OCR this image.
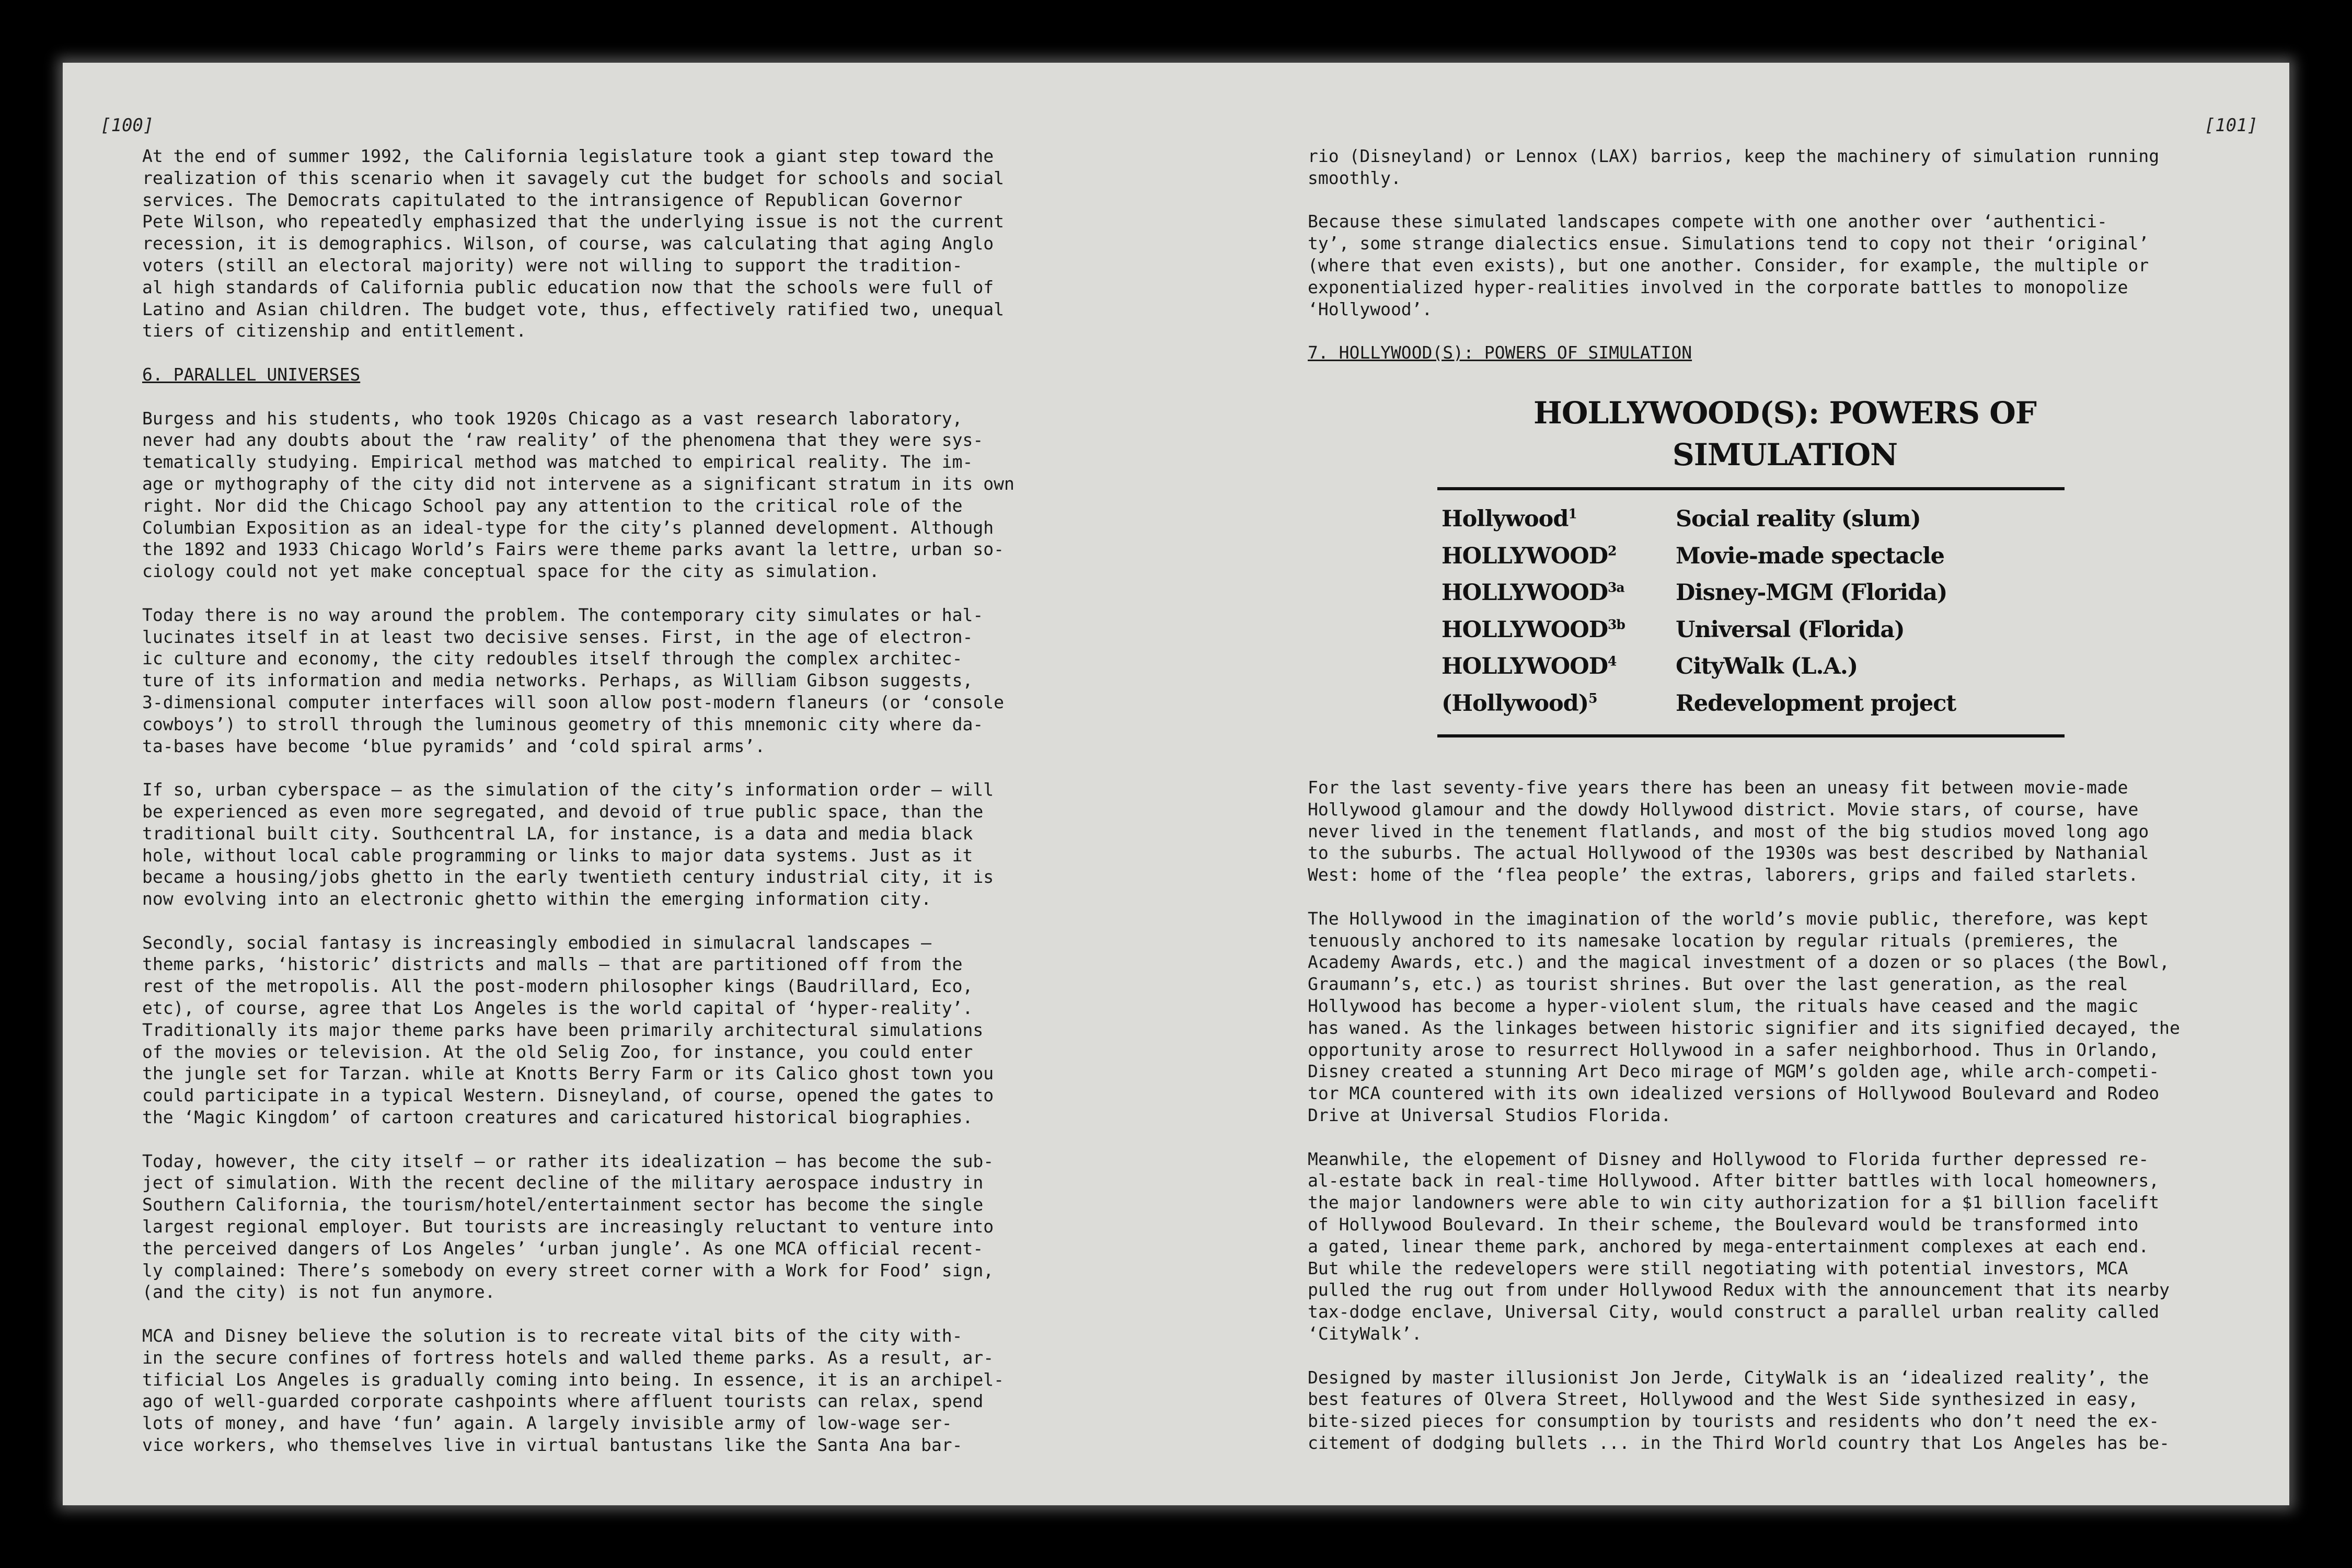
[100]	[101]
At the end of summer 1992, the California legislature took a giant step toward the
realization of this scenario when it savagely cut the budget for schools and social
services. The Democrats capitulated to the intransigence of Republican Governor
Pete Wilson, who repeatedly emphasized that the underlying issue is not the current
recession, it is demographics. Wilson, of course, was calculating that aging Anglo
voters (still an electoral majority) were not willing to support the tradition-
al high standards of California public education now that the schools were full of
Latino and Asian children. The budget vote, thus, effectively ratified two, unequal
tiers of citizenship and entitlement.
6. PARALLEL UNIVERSES
Burgess and his students, who took 1920s Chicago as a vast research laboratory,
never had any doubts about the ‘raw reality’ of the phenomena that they were sys-
tematically studying. Empirical method was matched to empirical reality. The im-
age or mythography of the city did not intervene as a significant stratum in its own
right. Nor did the Chicago School pay any attention to the critical role of the
Columbian Exposition as an ideal-type for the city’s planned development. Although
the 1892 and 1933 Chicago World’s Fairs were theme parks avant la lettre, urban so-
ciology could not yet make conceptual space for the city as simulation.
Today there is no way around the problem. The contemporary city simulates or hal-
lucinates itself in at least two decisive senses. First, in the age of electron-
ic culture and economy, the city redoubles itself through the complex architec-
ture of its information and media networks. Perhaps, as William Gibson suggests,
3-dimensional computer interfaces will soon allow post-modern flaneurs (or ‘console
cowboys’) to stroll through the luminous geometry of this mnemonic city where da-
ta-bases have become ‘blue pyramids’ and ‘cold spiral arms’.
If so, urban cyberspace – as the simulation of the city’s information order – will
be experienced as even more segregated, and devoid of true public space, than the
traditional built city. Southcentral LA, for instance, is a data and media black
hole, without local cable programming or links to major data systems. Just as it
became a housing/jobs ghetto in the early twentieth century industrial city, it is
now evolving into an electronic ghetto within the emerging information city.
Secondly, social fantasy is increasingly embodied in simulacral landscapes –
theme parks, ‘historic’ districts and malls – that are partitioned off from the
rest of the metropolis. All the post-modern philosopher kings (Baudrillard, Eco,
etc), of course, agree that Los Angeles is the world capital of ‘hyper-reality’.
Traditionally its major theme parks have been primarily architectural simulations
of the movies or television. At the old Selig Zoo, for instance, you could enter
the jungle set for Tarzan. while at Knotts Berry Farm or its Calico ghost town you
could participate in a typical Western. Disneyland, of course, opened the gates to
the ‘Magic Kingdom’ of cartoon creatures and caricatured historical biographies.
Today, however, the city itself – or rather its idealization – has become the sub-
ject of simulation. With the recent decline of the military aerospace industry in
Southern California, the tourism/hotel/entertainment sector has become the single
largest regional employer. But tourists are increasingly reluctant to venture into
the perceived dangers of Los Angeles’ ‘urban jungle’. As one MCA official recent-
ly complained: There’s somebody on every street corner with a Work for Food’ sign,
(and the city) is not fun anymore.
MCA and Disney believe the solution is to recreate vital bits of the city with-
in the secure confines of fortress hotels and walled theme parks. As a result, ar-
tificial Los Angeles is gradually coming into being. In essence, it is an archipel-
ago of well-guarded corporate cashpoints where affluent tourists can relax, spend
lots of money, and have ‘fun’ again. A largely invisible army of low-wage ser-
vice workers, who themselves live in virtual bantustans like the Santa Ana bar-
rio (Disneyland) or Lennox (LAX) barrios, keep the machinery of simulation running
smoothly.
Because these simulated landscapes compete with one another over ‘authentici-
ty’, some strange dialectics ensue. Simulations tend to copy not their ‘original’
(where that even exists), but one another. Consider, for example, the multiple or
exponentialized hyper-realities involved in the corporate battles to monopolize
‘Hollywood’.
7. HOLLYWOOD(S): POWERS OF SIMULATION
HOLLYWOOD(S): POWERS OF
SIMULATION
Hollywood$^1$	Social reality (slum)
HOLLYWOOD$^2$	Movie-made spectacle
$HOLLYWOOD^{3a}$	Disney-MGM (Florida)
$HOLLYWOOD^{3b}$	Universal (Florida)
HOLLYWOOD$^4$	CityWalk (L.A.)
(Hollywood)$^5$	Redevelopment project
For the last seventy-five years there has been an uneasy fit between movie-made
Hollywood glamour and the dowdy Hollywood district. Movie stars, of course, have
never lived in the tenement flatlands, and most of the big studios moved long ago
to the suburbs. The actual Hollywood of the 1930s was best described by Nathanial
West: home of the ‘flea people’ the extras, laborers, grips and failed starlets.
The Hollywood in the imagination of the world’s movie public, therefore, was kept
tenuously anchored to its namesake location by regular rituals (premieres, the
Academy Awards, etc.) and the magical investment of a dozen or so places (the Bowl,
Graumann’s, etc.) as tourist shrines. But over the last generation, as the real
Hollywood has become a hyper-violent slum, the rituals have ceased and the magic
has waned. As the linkages between historic signifier and its signified decayed, the
opportunity arose to resurrect Hollywood in a safer neighborhood. Thus in Orlando,
Disney created a stunning Art Deco mirage of MGM’s golden age, while arch-competi-
tor MCA countered with its own idealized versions of Hollywood Boulevard and Rodeo
Drive at Universal Studios Florida.
Meanwhile, the elopement of Disney and Hollywood to Florida further depressed re-
al-estate back in real-time Hollywood. After bitter battles with local homeowners,
the major landowners were able to win city authorization for a $1 billion facelift
of Hollywood Boulevard. In their scheme, the Boulevard would be transformed into
a gated, linear theme park, anchored by mega-entertainment complexes at each end.
But while the redevelopers were still negotiating with potential investors, MCA
pulled the rug out from under Hollywood Redux with the announcement that its nearby
tax-dodge enclave, Universal City, would construct a parallel urban reality called
‘CityWalk’.
Designed by master illusionist Jon Jerde, CityWalk is an ‘idealized reality’, the
best features of Olvera Street, Hollywood and the West Side synthesized in easy,
bite-sized pieces for consumption by tourists and residents who don’t need the ex-
citement of dodging bullets ... in the Third World country that Los Angeles has be-
